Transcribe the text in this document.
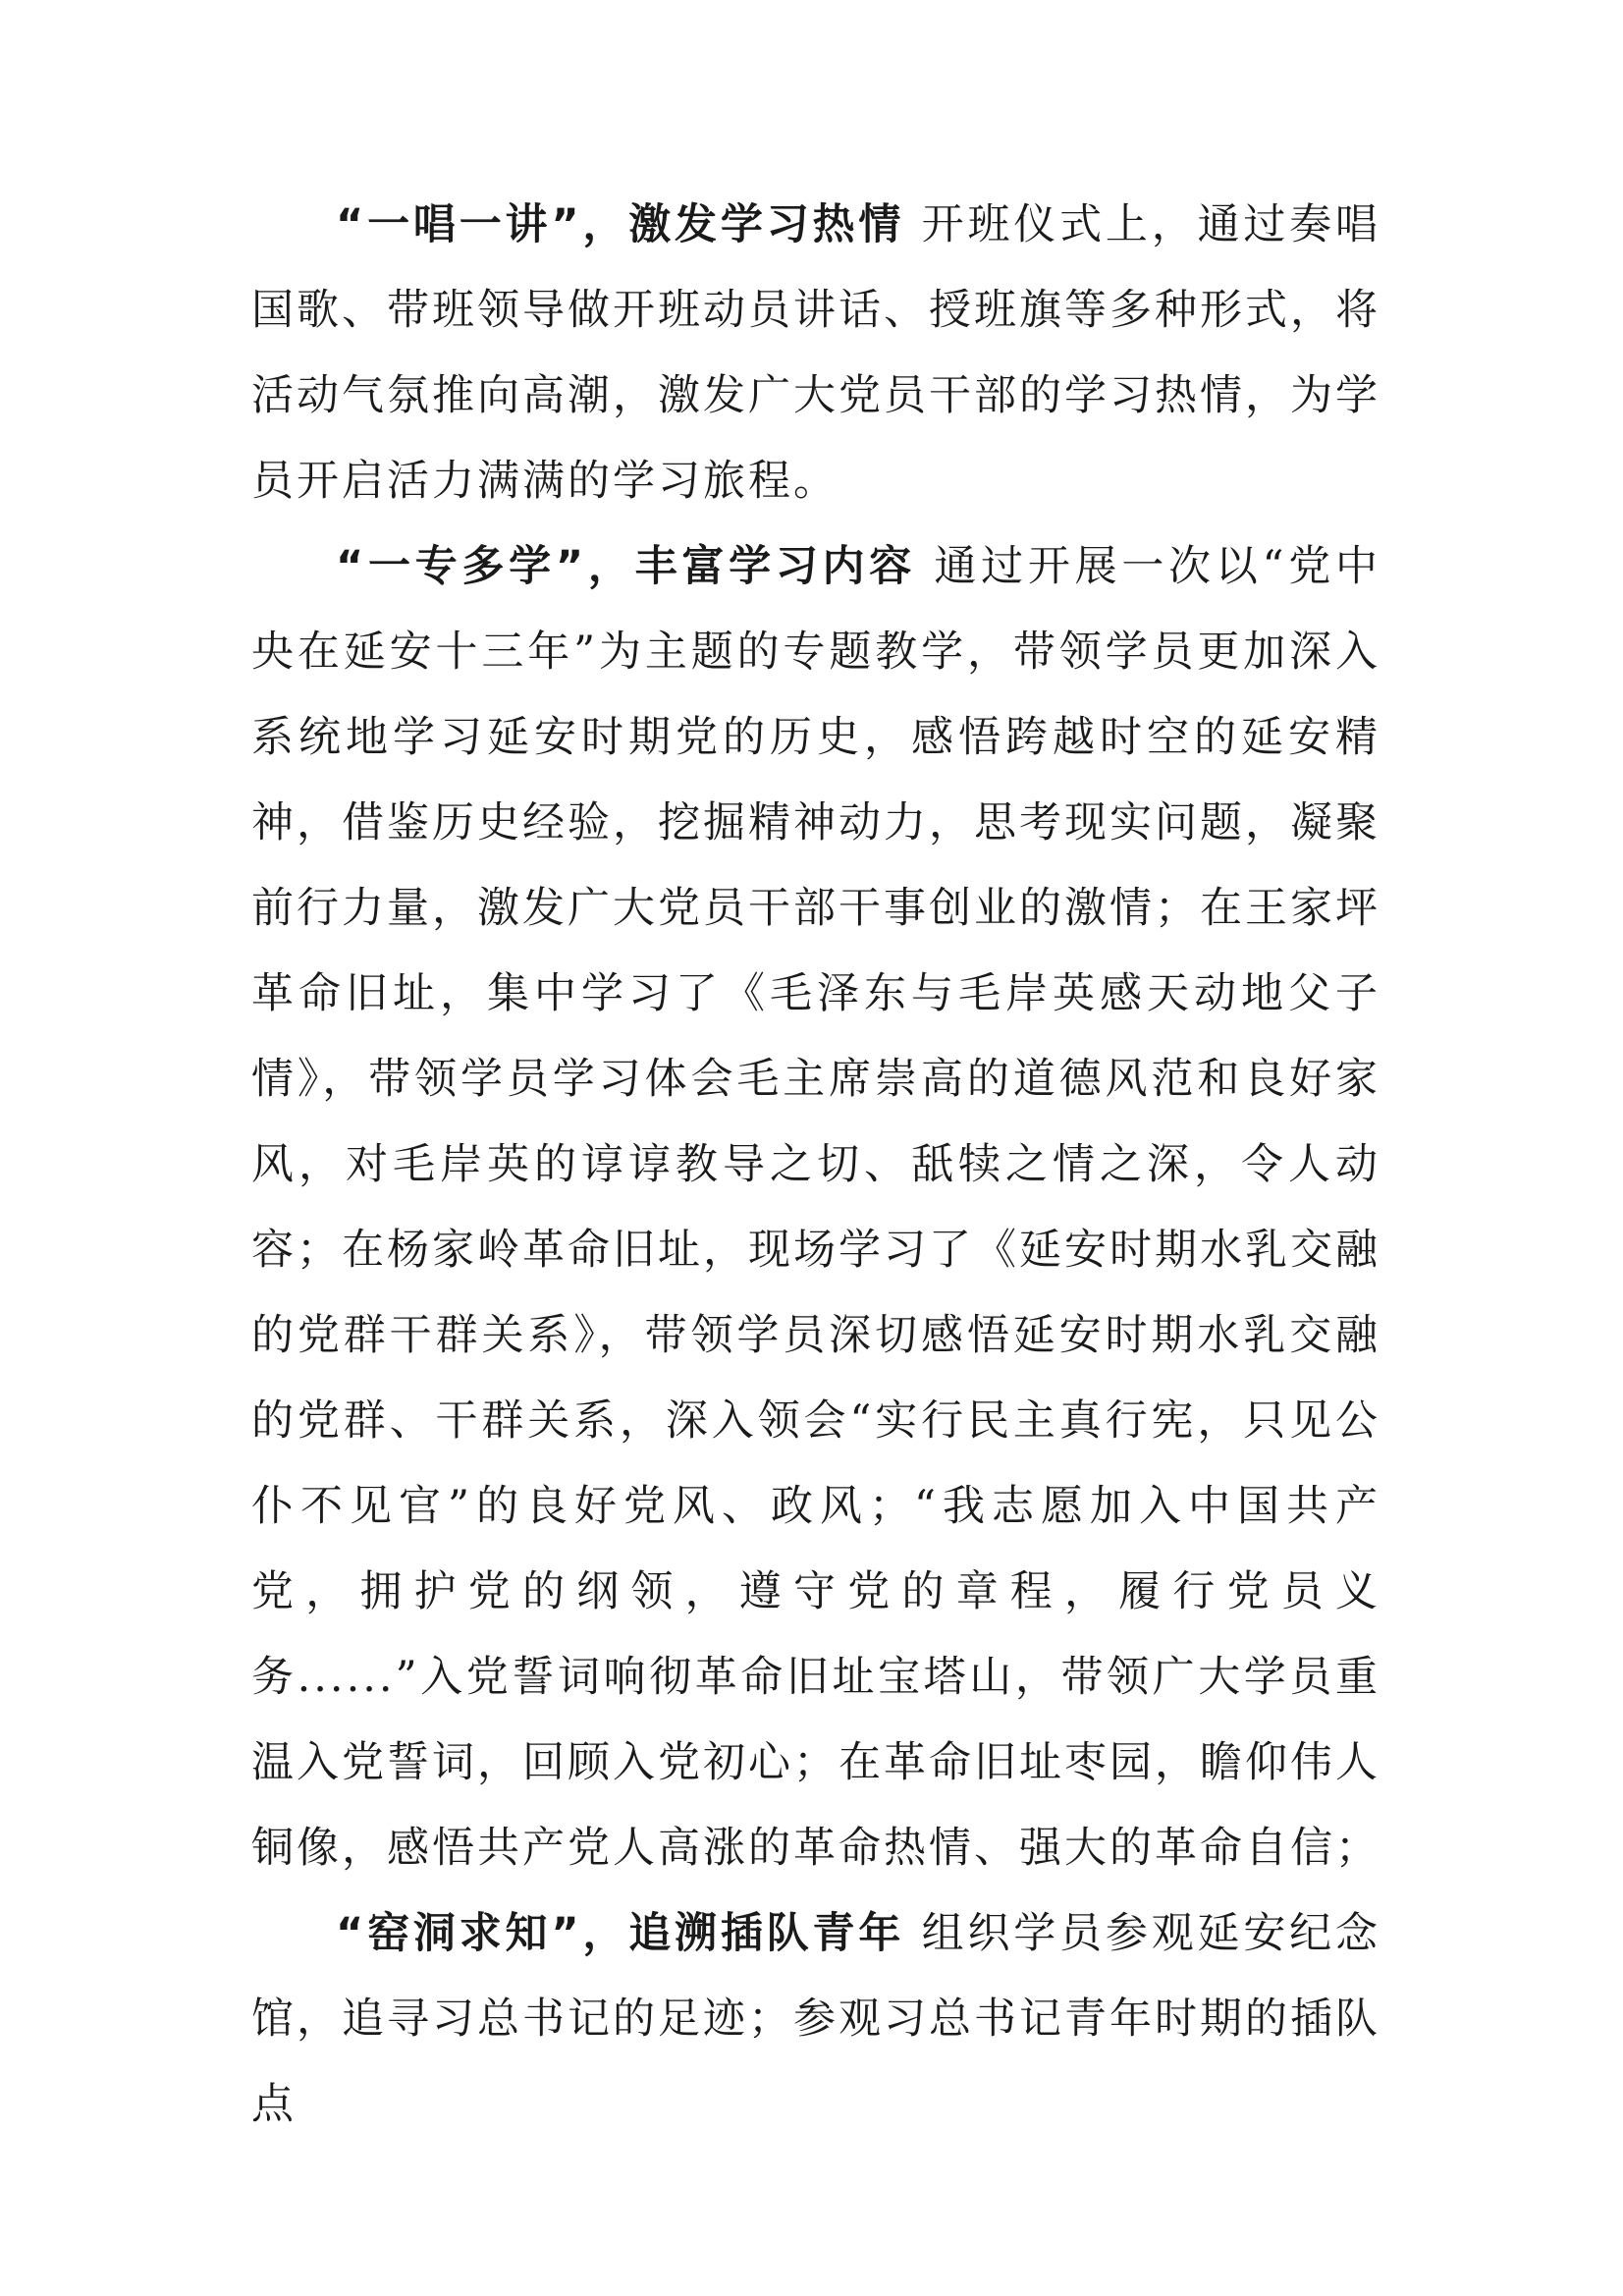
“一唱一讲”，激发学习热情 开班仪式上，通过奏唱国歌、带班领导做开班动员讲话、授班旗等多种形式，将活动气氛推向高潮，激发广大党员干部的学习热情，为学员开启活力满满的学习旅程。

“一专多学”，丰富学习内容 通过开展一次以“党中央在延安十三年”为主题的专题教学，带领学员更加深入系统地学习延安时期党的历史，感悟跨越时空的延安精神，借鉴历史经验，挖掘精神动力，思考现实问题，凝聚前行力量，激发广大党员干部干事创业的激情；在王家坪革命旧址，集中学习了《毛泽东与毛岸英感天动地父子情》，带领学员学习体会毛主席崇高的道德风范和良好家风，对毛岸英的谆谆教导之切、舐犊之情之深，令人动容；在杨家岭革命旧址，现场学习了《延安时期水乳交融的党群干群关系》，带领学员深切感悟延安时期水乳交融的党群、干群关系，深入领会“实行民主真行宪，只见公仆不见官”的良好党风、政风；“我志愿加入中国共产党，拥护党的纲领，遵守党的章程，履行党员义务......”入党誓词响彻革命旧址宝塔山，带领广大学员重温入党誓词，回顾入党初心；在革命旧址枣园，瞻仰伟人铜像，感悟共产党人高涨的革命热情、强大的革命自信；

“窑洞求知”，追溯插队青年 组织学员参观延安纪念馆，追寻习总书记的足迹；参观习总书记青年时期的插队点
